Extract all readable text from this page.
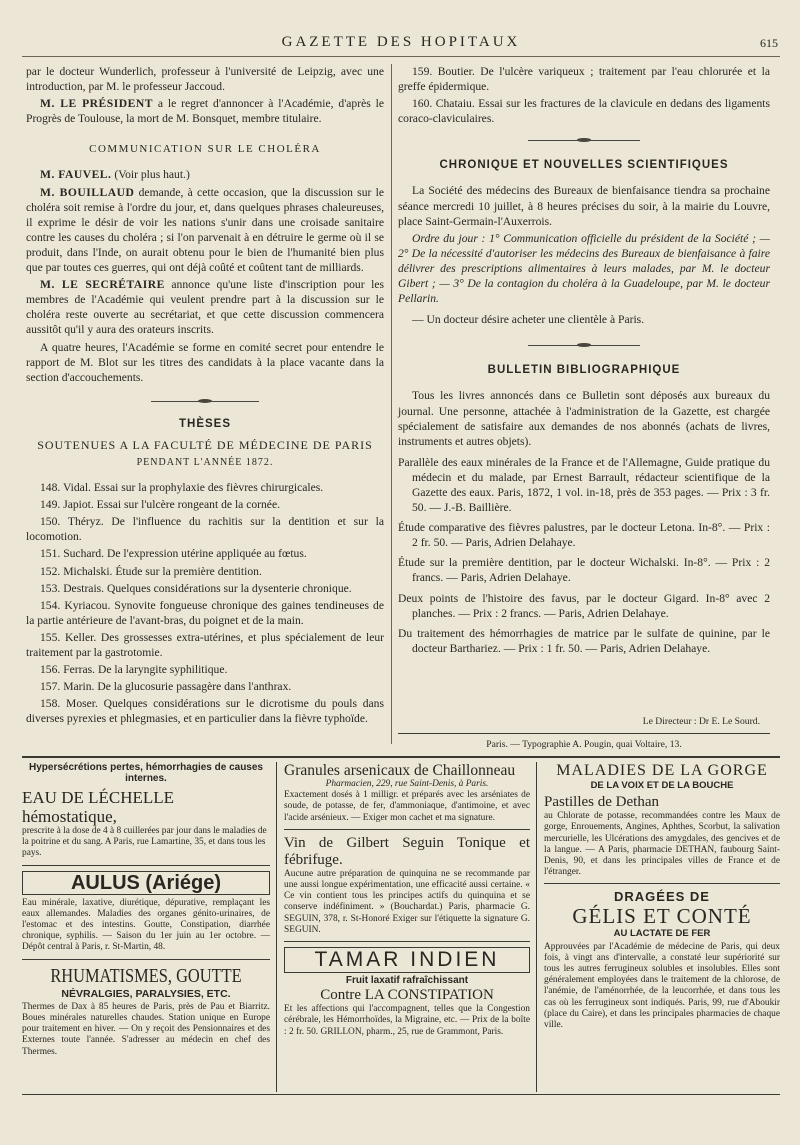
GAZETTE DES HOPITAUX	615

par le docteur Wunderlich, professeur à l'université de Leipzig, avec une introduction, par M. le professeur Jaccoud.

M. LE PRÉSIDENT a le regret d'annoncer à l'Académie, d'après le Progrès de Toulouse, la mort de M. Bonsquet, membre titulaire.

COMMUNICATION SUR LE CHOLÉRA

M. FAUVEL. (Voir plus haut.)

M. BOUILLAUD demande, à cette occasion, que la discussion sur le choléra soit remise à l'ordre du jour, et, dans quelques phrases chaleureuses, il exprime le désir de voir les nations s'unir dans une croisade sanitaire contre les causes du choléra ; si l'on parvenait à en détruire le germe où il se produit, dans l'Inde, on aurait obtenu pour le bien de l'humanité bien plus que par toutes ces guerres, qui ont déjà coûté et coûtent tant de milliards.

M. LE SECRÉTAIRE annonce qu'une liste d'inscription pour les membres de l'Académie qui veulent prendre part à la discussion sur le choléra reste ouverte au secrétariat, et que cette discussion commencera aussitôt qu'il y aura des orateurs inscrits.

A quatre heures, l'Académie se forme en comité secret pour entendre le rapport de M. Blot sur les titres des candidats à la place vacante dans la section d'accouchements.

THÈSES
SOUTENUES A LA FACULTÉ DE MÉDECINE DE PARIS
PENDANT L'ANNÉE 1872.

148. Vidal. Essai sur la prophylaxie des fièvres chirurgicales.

149. Japiot. Essai sur l'ulcère rongeant de la cornée.

150. Théryz. De l'influence du rachitis sur la dentition et sur la locomotion.

151. Suchard. De l'expression utérine appliquée au fœtus.

152. Michalski. Étude sur la première dentition.

153. Destrais. Quelques considérations sur la dysenterie chronique.

154. Kyriacou. Synovite fongueuse chronique des gaines tendineuses de la partie antérieure de l'avant-bras, du poignet et de la main.

155. Keller. Des grossesses extra-utérines, et plus spécialement de leur traitement par la gastrotomie.

156. Ferras. De la laryngite syphilitique.

157. Marin. De la glucosurie passagère dans l'anthrax.

158. Moser. Quelques considérations sur le dicrotisme du pouls dans diverses pyrexies et phlegmasies, et en particulier dans la fièvre typhoïde.

159. Boutier. De l'ulcère variqueux ; traitement par l'eau chlorurée et la greffe épidermique.

160. Chataiu. Essai sur les fractures de la clavicule en dedans des ligaments coraco-claviculaires.

CHRONIQUE ET NOUVELLES SCIENTIFIQUES

La Société des médecins des Bureaux de bienfaisance tiendra sa prochaine séance mercredi 10 juillet, à 8 heures précises du soir, à la mairie du Louvre, place Saint-Germain-l'Auxerrois.

Ordre du jour : 1° Communication officielle du président de la Société ; — 2° De la nécessité d'autoriser les médecins des Bureaux de bienfaisance à faire délivrer des prescriptions alimentaires à leurs malades, par M. le docteur Gibert ; — 3° De la contagion du choléra à la Guadeloupe, par M. le docteur Pellarin.

— Un docteur désire acheter une clientèle à Paris.

BULLETIN BIBLIOGRAPHIQUE

Tous les livres annoncés dans ce Bulletin sont déposés aux bureaux du journal. Une personne, attachée à l'administration de la Gazette, est chargée spécialement de satisfaire aux demandes de nos abonnés (achats de livres, instruments et autres objets).

Parallèle des eaux minérales de la France et de l'Allemagne, Guide pratique du médecin et du malade, par Ernest Barrault, rédacteur scientifique de la Gazette des eaux. Paris, 1872, 1 vol. in-18, près de 353 pages. — Prix : 3 fr. 50. — J.-B. Baillière.

Étude comparative des fièvres palustres, par le docteur Letona. In-8°. — Prix : 2 fr. 50. — Paris, Adrien Delahaye.

Étude sur la première dentition, par le docteur Wichalski. In-8°. — Prix : 2 francs. — Paris, Adrien Delahaye.

Deux points de l'histoire des favus, par le docteur Gigard. In-8° avec 2 planches. — Prix : 2 francs. — Paris, Adrien Delahaye.

Du traitement des hémorrhagies de matrice par le sulfate de quinine, par le docteur Barthariez. — Prix : 1 fr. 50. — Paris, Adrien Delahaye.

Le Directeur : Dr E. Le Sourd.
Paris. — Typographie A. Pougin, quai Voltaire, 13.
Hypersécrétions pertes, hémorrhagies de causes internes.
EAU DE LÉCHELLE hémostatique,
prescrite à la dose de 4 à 8 cuillerées par jour dans le maladies de la poitrine et du sang. A Paris, rue Lamartine, 35, et dans tous les pays.
AULUS (Ariége)
Eau minérale, laxative, diurétique, dépurative, remplaçant les eaux allemandes. Maladies des organes génito-urinaires, de l'estomac et des intestins. Goutte, Constipation, diarrhée chronique, syphilis. — Saison du 1er juin au 1er octobre. — Dépôt central à Paris, r. St-Martin, 48.
RHUMATISMES, GOUTTE
NÉVRALGIES, PARALYSIES, ETC.
Thermes de Dax à 85 heures de Paris, près de Pau et Biarritz. Boues minérales naturelles chaudes. Station unique en Europe pour traitement en hiver. — On y reçoit des Pensionnaires et des Externes toute l'année. S'adresser au médecin en chef des Thermes.
Granules arsenicaux de Chaillonneau
Pharmacien, 229, rue Saint-Denis, à Paris.
Exactement dosés à 1 milligr. et préparés avec les arséniates de soude, de potasse, de fer, d'ammoniaque, d'antimoine, et avec l'acide arsénieux. — Exiger mon cachet et ma signature.
Vin de Gilbert Seguin Tonique et fébrifuge.
Aucune autre préparation de quinquina ne se recommande par une aussi longue expérimentation, une efficacité aussi certaine. « Ce vin contient tous les principes actifs du quinquina et se conserve indéfiniment. » (Bouchardat.) Paris, pharmacie G. SEGUIN, 378, r. St-Honoré Exiger sur l'étiquette la signature G. SEGUIN.
TAMAR INDIEN
Fruit laxatif rafraîchissant
Contre LA CONSTIPATION
Et les affections qui l'accompagnent, telles que la Congestion cérébrale, les Hémorrhoïdes, la Migraine, etc. — Prix de la boîte : 2 fr. 50. GRILLON, pharm., 25, rue de Grammont, Paris.
MALADIES DE LA GORGE
DE LA VOIX ET DE LA BOUCHE
Pastilles de Dethan
au Chlorate de potasse, recommandées contre les Maux de gorge, Enrouements, Angines, Aphthes, Scorbut, la salivation mercurielle, les Ulcérations des amygdales, des gencives et de la langue. — A Paris, pharmacie DETHAN, faubourg Saint-Denis, 90, et dans les principales villes de France et de l'étranger.
DRAGÉES DE
GÉLIS ET CONTÉ
AU LACTATE DE FER
Approuvées par l'Académie de médecine de Paris, qui deux fois, à vingt ans d'intervalle, a constaté leur supériorité sur tous les autres ferrugineux solubles et insolubles. Elles sont généralement employées dans le traitement de la chlorose, de l'anémie, de l'aménorrhée, de la leucorrhée, et dans tous les cas où les ferrugineux sont indiqués. Paris, 99, rue d'Aboukir (place du Caire), et dans les principales pharmacies de chaque ville.
